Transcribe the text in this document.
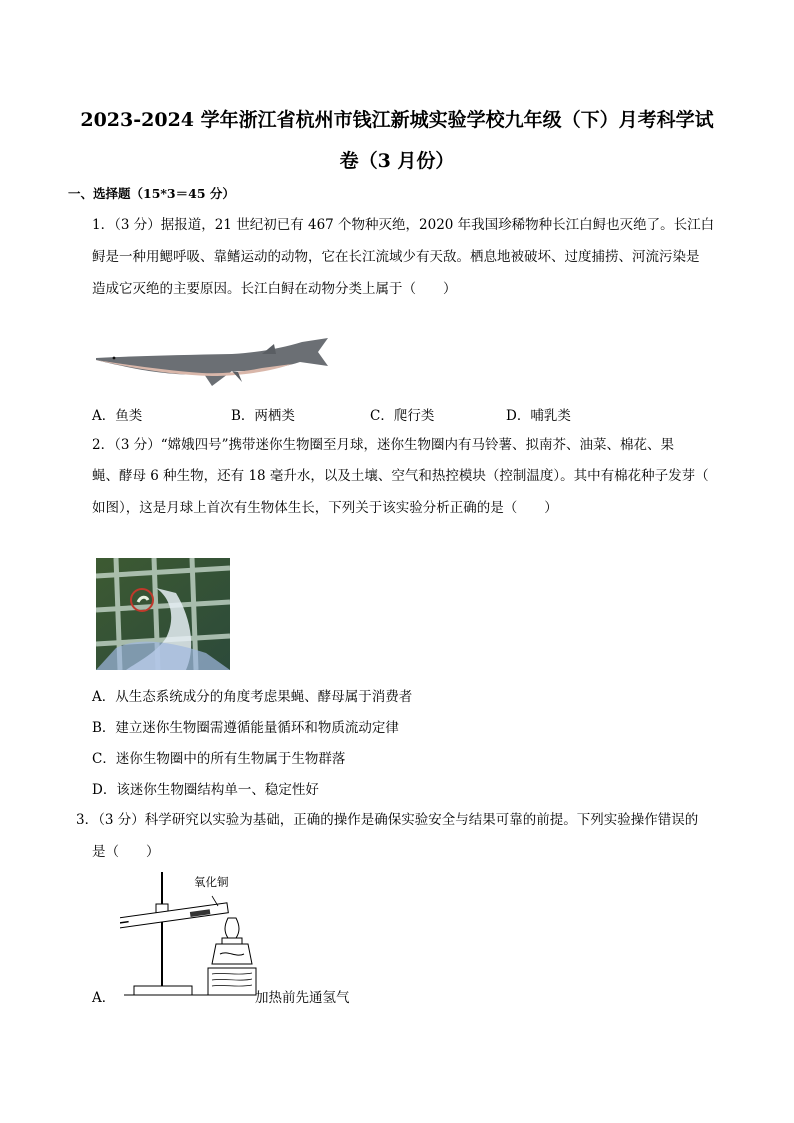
2023-2024 学年浙江省杭州市钱江新城实验学校九年级（下）月考科学试
卷（3 月份）
一、选择题（15*3＝45 分）
1．（3 分）据报道，21 世纪初已有 467 个物种灭绝，2020 年我国珍稀物种长江白鲟也灭绝了。长江白
鲟是一种用鳃呼吸、靠鳍运动的动物，它在长江流域少有天敌。栖息地被破坏、过度捕捞、河流污染是
造成它灭绝的主要原因。长江白鲟在动物分类上属于（　　）
A．鱼类	B．两栖类	C．爬行类	D．哺乳类
2．（3 分）“嫦娥四号”携带迷你生物圈至月球，迷你生物圈内有马铃薯、拟南芥、油菜、棉花、果
蝇、酵母 6 种生物，还有 18 毫升水，以及土壤、空气和热控模块（控制温度）。其中有棉花种子发芽（
如图），这是月球上首次有生物体生长，下列关于该实验分析正确的是（　　）
A．从生态系统成分的角度考虑果蝇、酵母属于消费者
B．建立迷你生物圈需遵循能量循环和物质流动定律
C．迷你生物圈中的所有生物属于生物群落
D．该迷你生物圈结构单一、稳定性好
3．（3 分）科学研究以实验为基础，正确的操作是确保实验安全与结果可靠的前提。下列实验操作错误的
是（　　）
A．
氧化铜
加热前先通氢气
